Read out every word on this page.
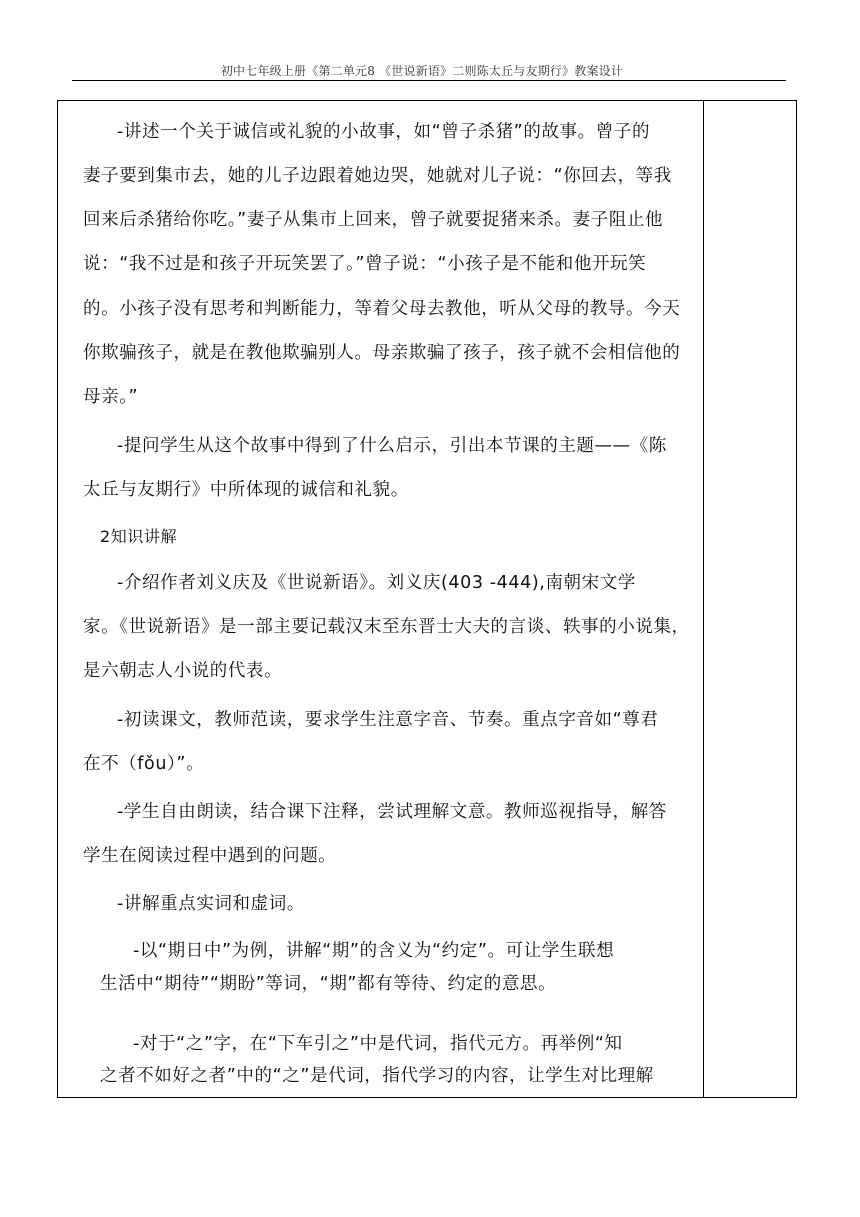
初中七年级上册《第二单元8 《世说新语》二则陈太丘与友期行》教案设计
-讲述一个关于诚信或礼貌的小故事，如“曾子杀猪”的故事。曾子的
妻子要到集市去，她的儿子边跟着她边哭，她就对儿子说：“你回去，等我
回来后杀猪给你吃。”妻子从集市上回来，曾子就要捉猪来杀。妻子阻止他
说：“我不过是和孩子开玩笑罢了。”曾子说：“小孩子是不能和他开玩笑
的。小孩子没有思考和判断能力，等着父母去教他，听从父母的教导。今天
你欺骗孩子，就是在教他欺骗别人。母亲欺骗了孩子，孩子就不会相信他的
母亲。”
-提问学生从这个故事中得到了什么启示，引出本节课的主题——《陈
太丘与友期行》中所体现的诚信和礼貌。
2知识讲解
-介绍作者刘义庆及《世说新语》。刘义庆(403 -444),南朝宋文学
家。《世说新语》是一部主要记载汉末至东晋士大夫的言谈、轶事的小说集，
是六朝志人小说的代表。
-初读课文，教师范读，要求学生注意字音、节奏。重点字音如“尊君
在不（fǒu）”。
-学生自由朗读，结合课下注释，尝试理解文意。教师巡视指导，解答
学生在阅读过程中遇到的问题。
-讲解重点实词和虚词。
-以“期日中”为例，讲解“期”的含义为“约定”。可让学生联想
生活中“期待”“期盼”等词，“期”都有等待、约定的意思。
-对于“之”字，在“下车引之”中是代词，指代元方。再举例“知
之者不如好之者”中的“之”是代词，指代学习的内容，让学生对比理解
